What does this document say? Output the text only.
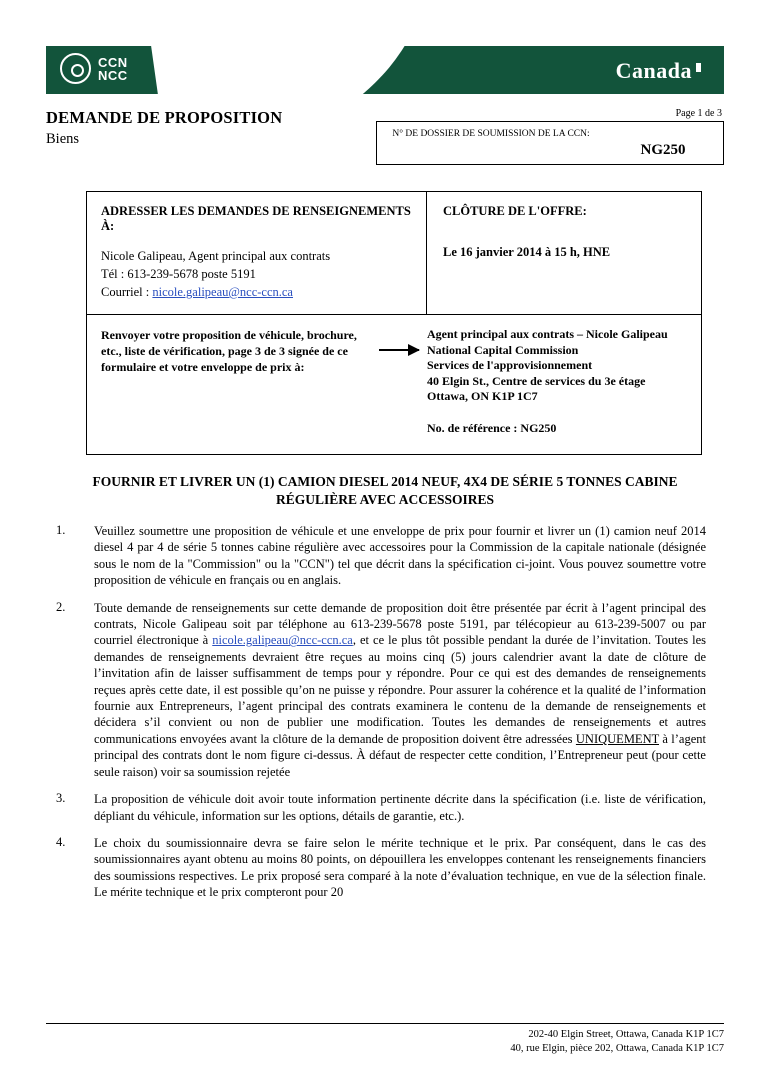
CCN
NCC	Canada
DEMANDE DE PROPOSITION
Biens
Page 1 de 3
N° DE DOSSIER DE SOUMISSION DE LA CCN:
NG250
ADRESSER LES DEMANDES DE RENSEIGNEMENTS À:
Nicole Galipeau, Agent principal aux contrats
Tél : 613-239-5678 poste 5191
Courriel : nicole.galipeau@ncc-ccn.ca
CLÔTURE DE L'OFFRE:
Le 16 janvier 2014 à 15 h, HNE
Renvoyer votre proposition de véhicule, brochure, etc., liste de vérification, page 3 de 3 signée de ce formulaire et votre enveloppe de prix à:
Agent principal aux contrats – Nicole Galipeau
National Capital Commission
Services de l'approvisionnement
40 Elgin St., Centre de services du 3e étage
Ottawa, ON K1P 1C7
No. de référence : NG250
FOURNIR ET LIVRER UN (1) CAMION DIESEL 2014 NEUF, 4X4 DE SÉRIE 5 TONNES CABINE RÉGULIÈRE AVEC ACCESSOIRES
1.	Veuillez soumettre une proposition de véhicule et une enveloppe de prix pour fournir et livrer un (1) camion neuf 2014 diesel 4 par 4 de série 5 tonnes cabine régulière avec accessoires pour la Commission de la capitale nationale (désignée sous le nom de la "Commission" ou la "CCN") tel que décrit dans la spécification ci-joint. Vous pouvez soumettre votre proposition de véhicule en français ou en anglais.
2.	Toute demande de renseignements sur cette demande de proposition doit être présentée par écrit à l’agent principal des contrats, Nicole Galipeau soit par téléphone au 613-239-5678 poste 5191, par télécopieur au 613-239-5007 ou par courriel électronique à nicole.galipeau@ncc-ccn.ca, et ce le plus tôt possible pendant la durée de l’invitation. Toutes les demandes de renseignements devraient être reçues au moins cinq (5) jours calendrier avant la date de clôture de l’invitation afin de laisser suffisamment de temps pour y répondre. Pour ce qui est des demandes de renseignements reçues après cette date, il est possible qu’on ne puisse y répondre. Pour assurer la cohérence et la qualité de l’information fournie aux Entrepreneurs, l’agent principal des contrats examinera le contenu de la demande de renseignements et décidera s’il convient ou non de publier une modification. Toutes les demandes de renseignements et autres communications envoyées avant la clôture de la demande de proposition doivent être adressées UNIQUEMENT à l’agent principal des contrats dont le nom figure ci-dessus. À défaut de respecter cette condition, l’Entrepreneur peut (pour cette seule raison) voir sa soumission rejetée
3.	La proposition de véhicule doit avoir toute information pertinente décrite dans la spécification (i.e. liste de vérification, dépliant du véhicule, information sur les options, détails de garantie, etc.).
4.	Le choix du soumissionnaire devra se faire selon le mérite technique et le prix. Par conséquent, dans le cas des soumissionnaires ayant obtenu au moins 80 points, on dépouillera les enveloppes contenant les renseignements financiers des soumissions respectives. Le prix proposé sera comparé à la note d’évaluation technique, en vue de la sélection finale. Le mérite technique et le prix compteront pour 20
202-40 Elgin Street, Ottawa, Canada K1P 1C7
40, rue Elgin, pièce 202, Ottawa, Canada K1P 1C7
